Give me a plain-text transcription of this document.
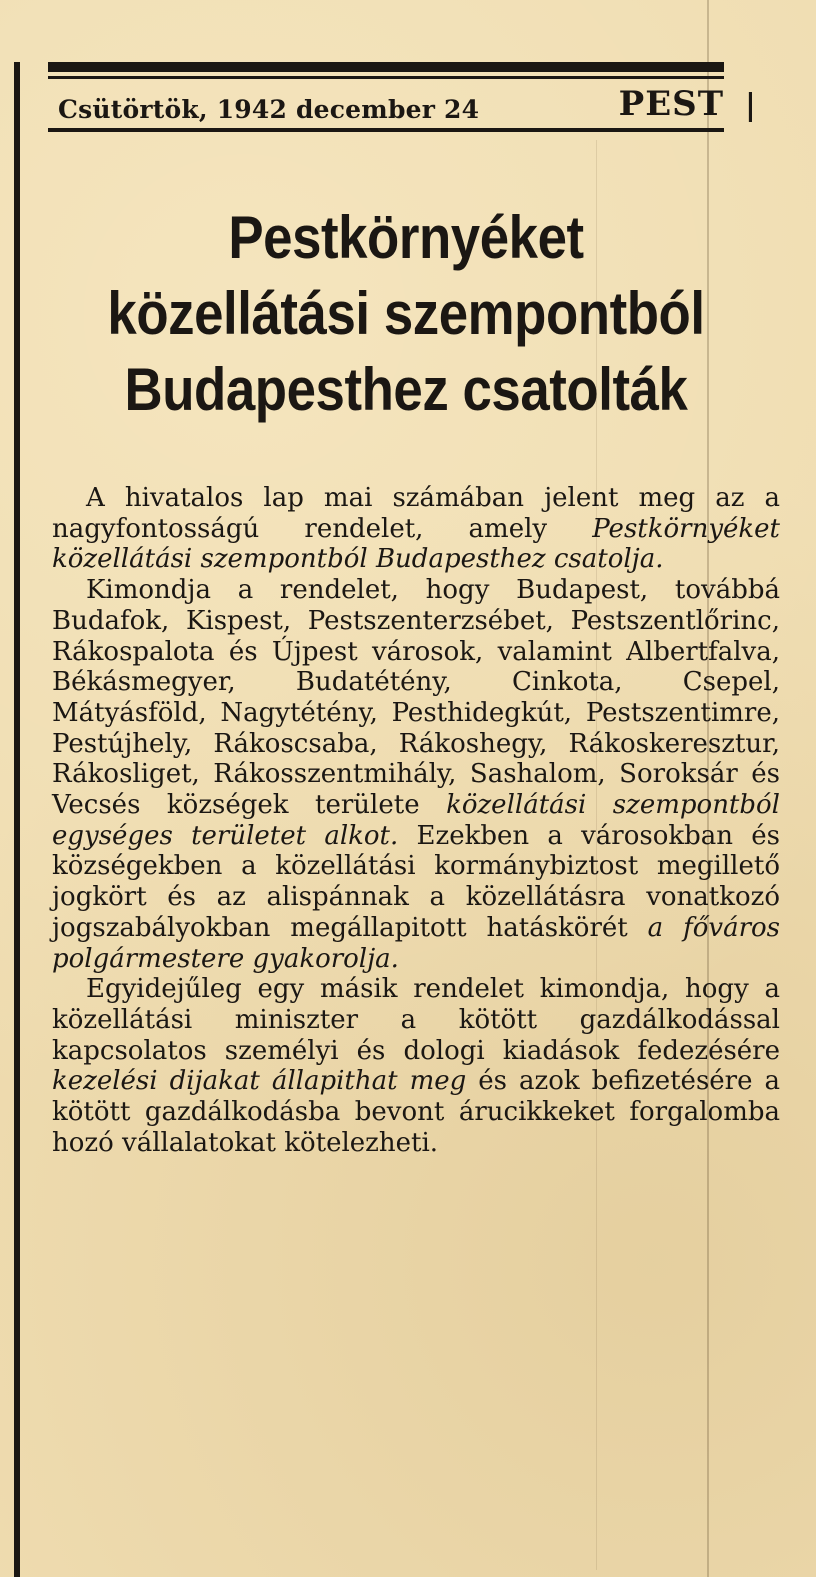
|
Csütörtök, 1942 december 24	PEST
Pestkörnyéket
közellátási szempontból
Budapesthez csatolták

A hivatalos lap mai számában jelent meg az a nagyfontosságú rendelet, amely Pestkörnyéket közellátási szempontból Budapesthez csatolja.

Kimondja a rendelet, hogy Budapest, továbbá Budafok, Kispest, Pestszenterzsébet, Pestszentlőrinc, Rákospalota és Újpest városok, valamint Albertfalva, Békásmegyer, Budatétény, Cinkota, Csepel, Mátyásföld, Nagytétény, Pesthidegkút, Pestszentimre, Pestújhely, Rákoscsaba, Rákoshegy, Rákoskeresztur, Rákosliget, Rákosszentmihály, Sashalom, Soroksár és Vecsés községek területe közellátási szempontból egységes területet alkot. Ezekben a városokban és községekben a közellátási kormánybiztost megillető jogkört és az alispánnak a közellátásra vonatkozó jogszabályokban megállapitott hatáskörét a főváros polgármestere gyakorolja.

Egyidejűleg egy másik rendelet kimondja, hogy a közellátási miniszter a kötött gazdálkodással kapcsolatos személyi és dologi kiadások fedezésére kezelési dijakat állapithat meg és azok befizetésére a kötött gazdálkodásba bevont árucikkeket forgalomba hozó vállalatokat kötelezheti.
